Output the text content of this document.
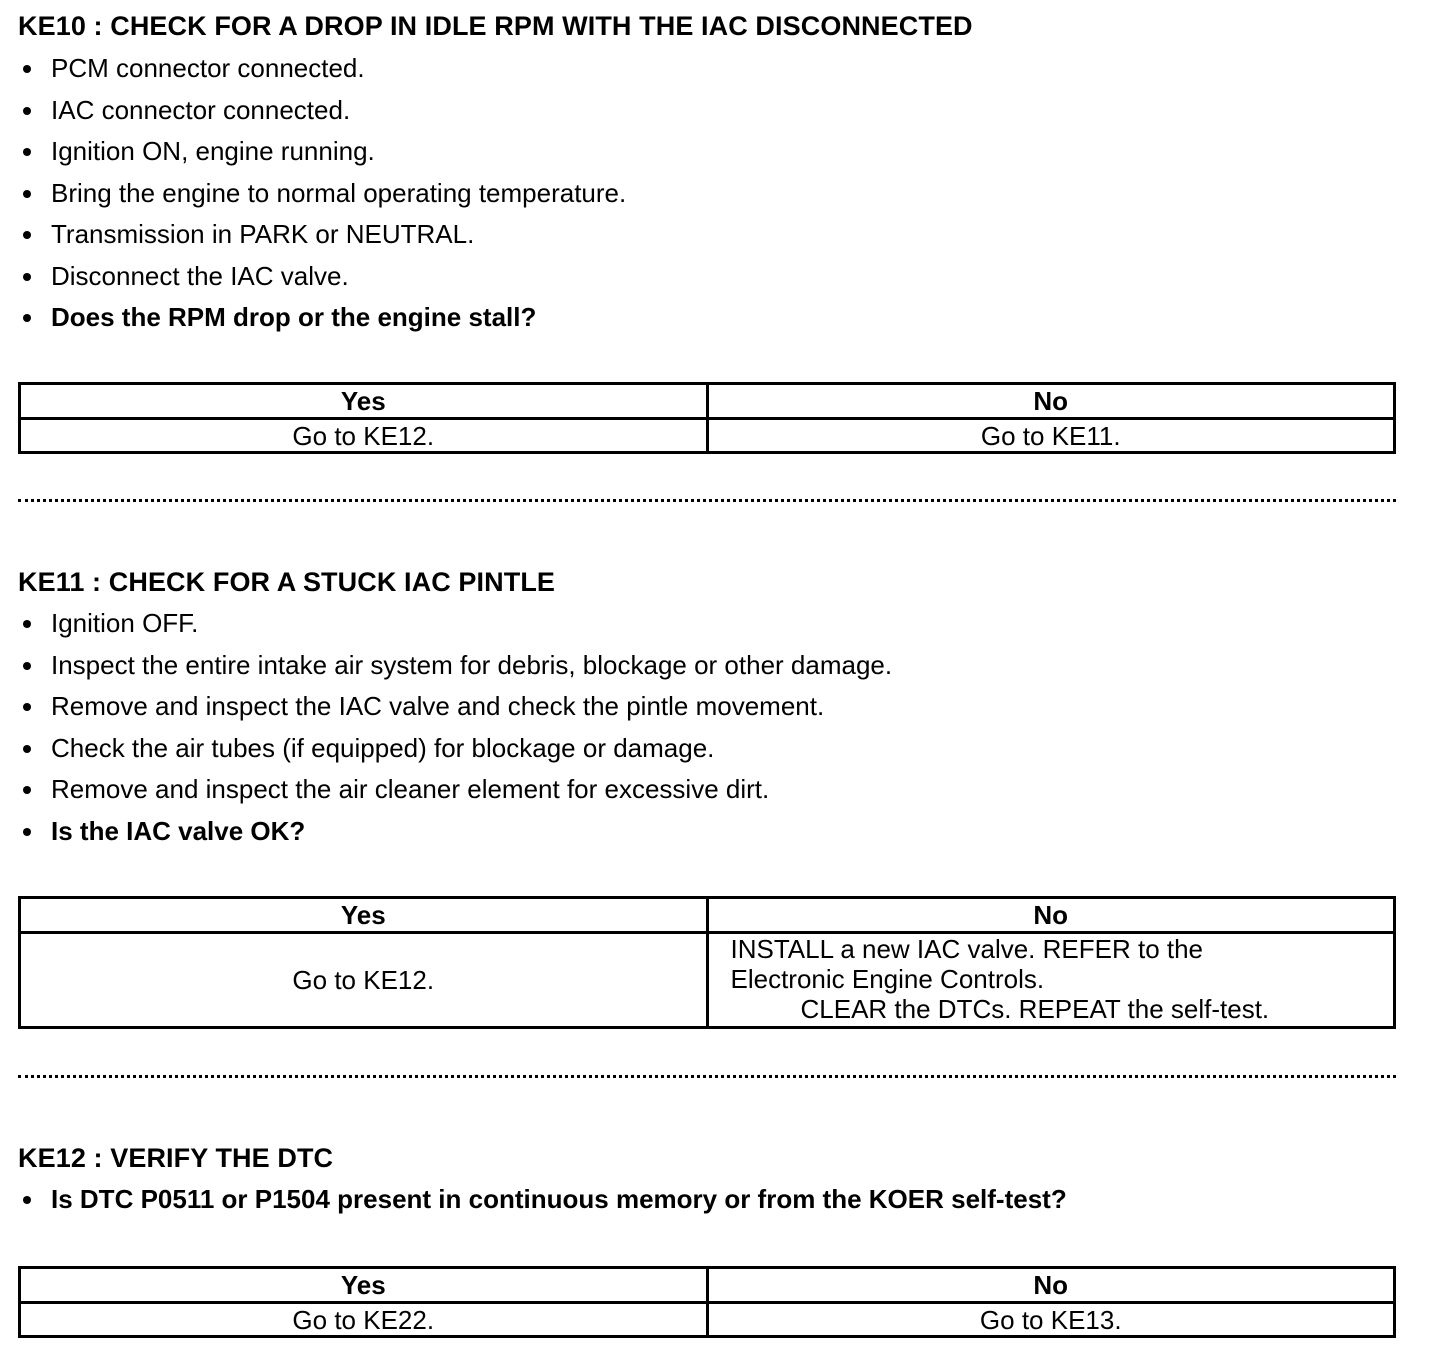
KE10 : CHECK FOR A DROP IN IDLE RPM WITH THE IAC DISCONNECTED
PCM connector connected.
IAC connector connected.
Ignition ON, engine running.
Bring the engine to normal operating temperature.
Transmission in PARK or NEUTRAL.
Disconnect the IAC valve.
Does the RPM drop or the engine stall?
Yes	No
Go to KE12.	Go to KE11.
KE11 : CHECK FOR A STUCK IAC PINTLE
Ignition OFF.
Inspect the entire intake air system for debris, blockage or other damage.
Remove and inspect the IAC valve and check the pintle movement.
Check the air tubes (if equipped) for blockage or damage.
Remove and inspect the air cleaner element for excessive dirt.
Is the IAC valve OK?
Yes	No
Go to KE12.	INSTALL a new IAC valve. REFER to the
Electronic Engine Controls.
CLEAR the DTCs. REPEAT the self-test.
KE12 : VERIFY THE DTC
Is DTC P0511 or P1504 present in continuous memory or from the KOER self-test?
Yes	No
Go to KE22.	Go to KE13.
